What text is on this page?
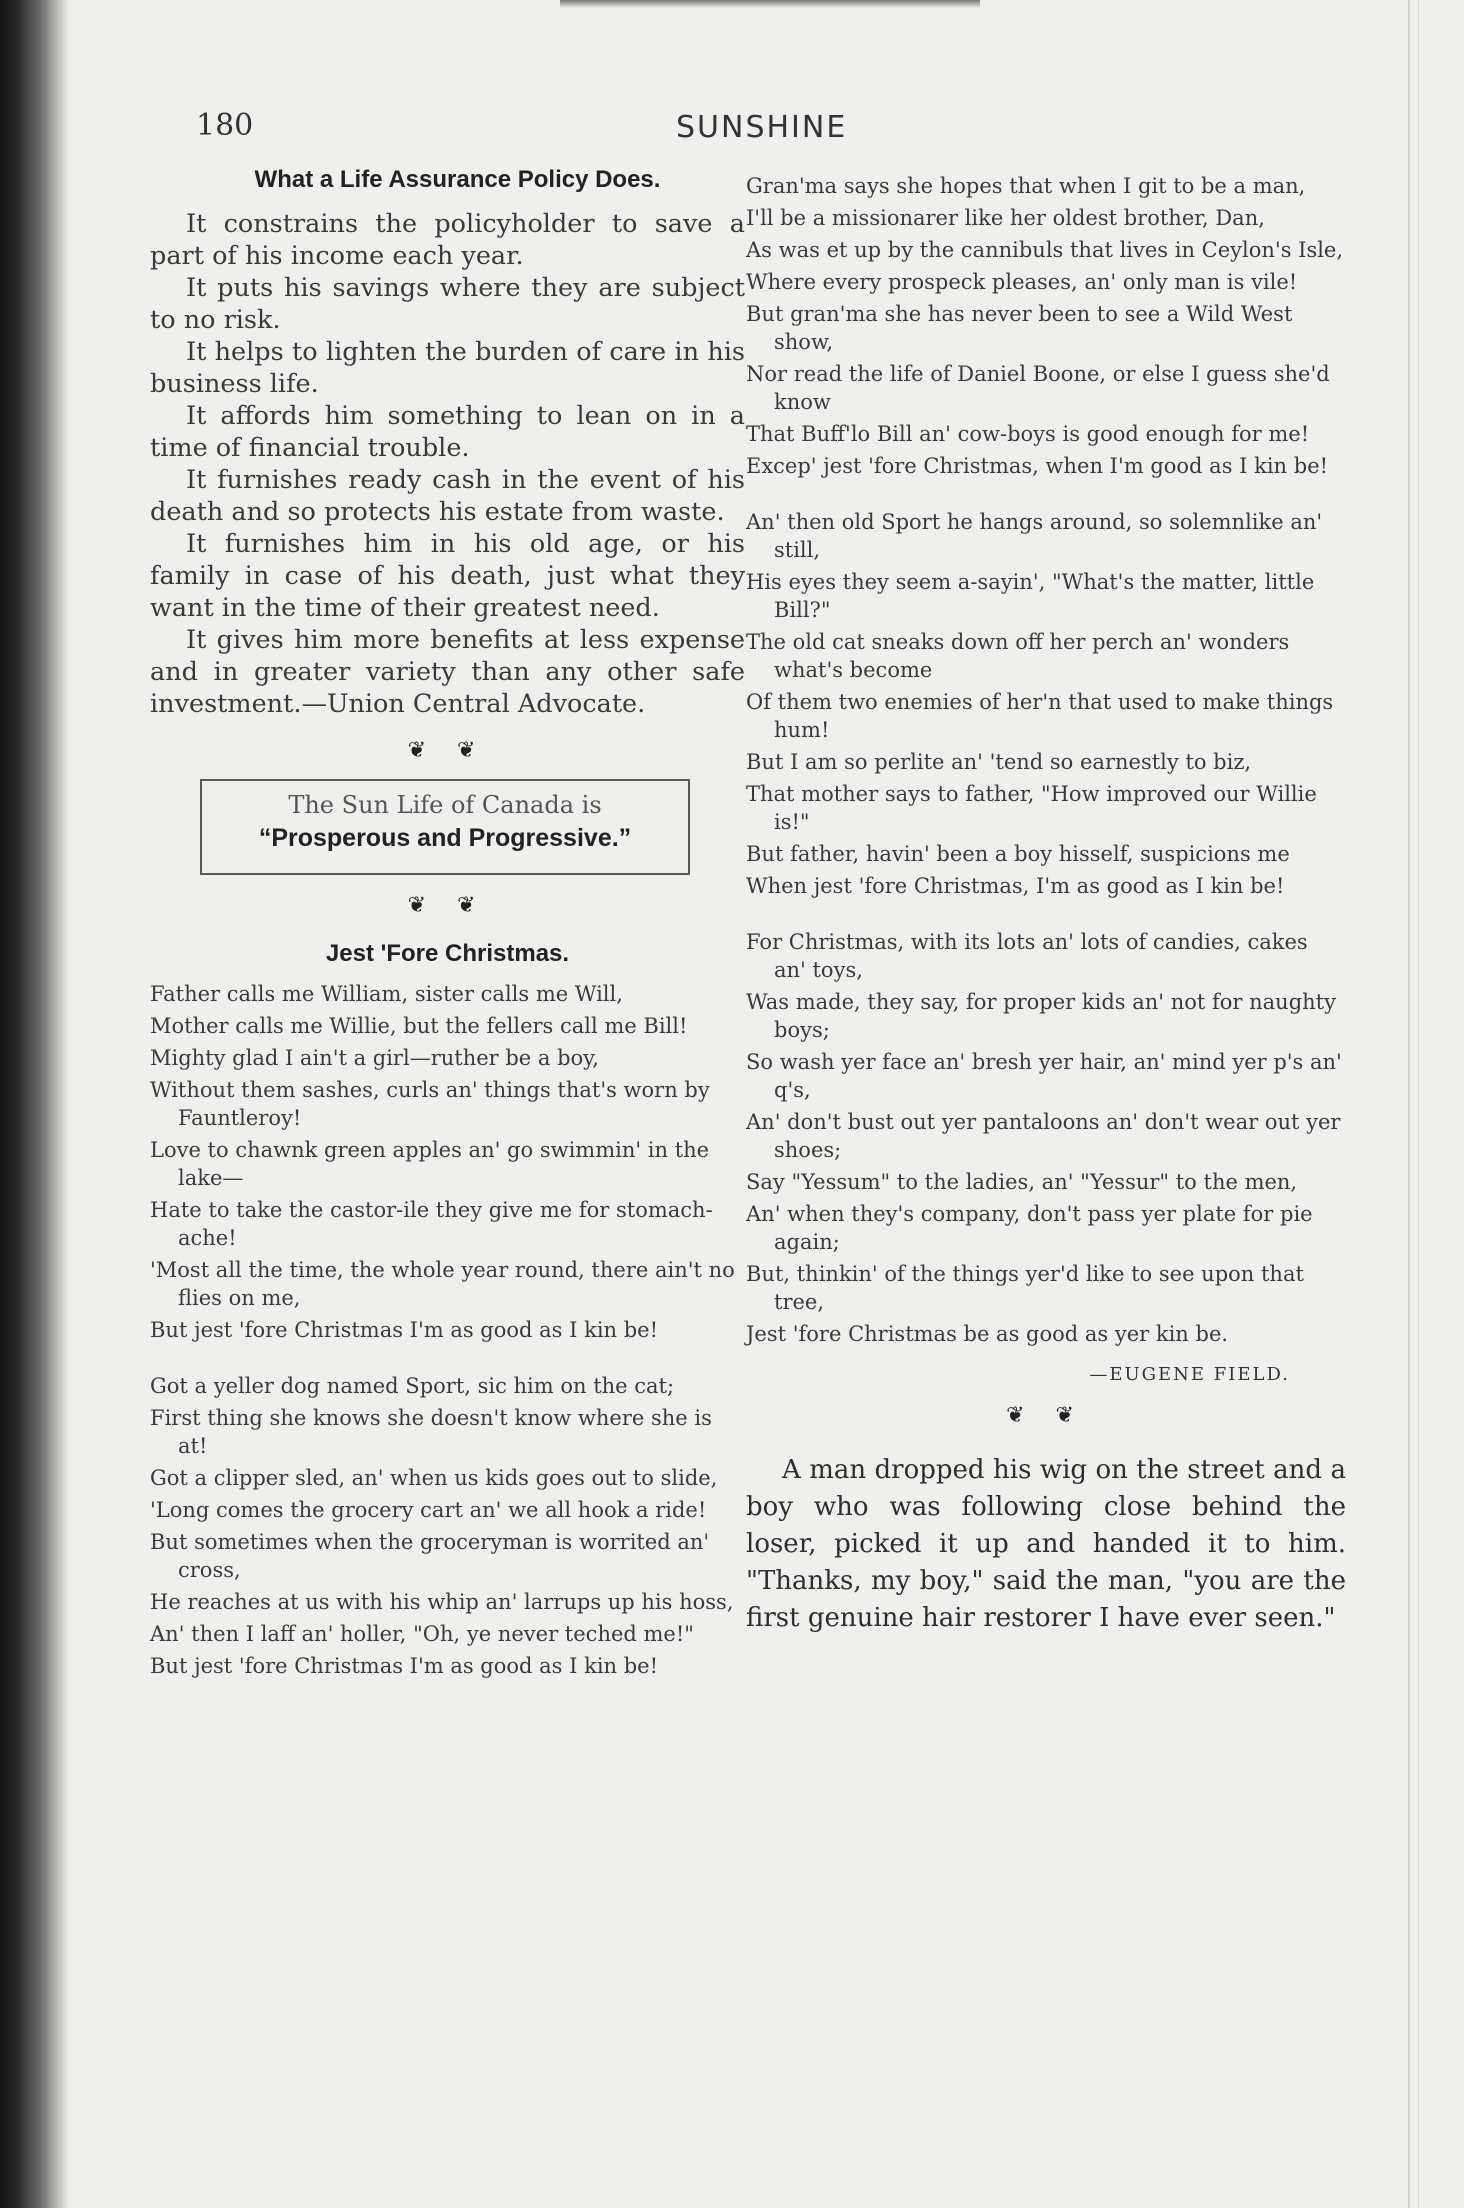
180	SUNSHINE
What a Life Assurance Policy Does.

It constrains the policyholder to save a part of his income each year.

It puts his savings where they are subject to no risk.

It helps to lighten the burden of care in his business life.

It affords him something to lean on in a time of financial trouble.

It furnishes ready cash in the event of his death and so protects his estate from waste.

It furnishes him in his old age, or his family in case of his death, just what they want in the time of their greatest need.

It gives him more benefits at less expense and in greater variety than any other safe investment.—Union Central Advocate.

❦ ❦
The Sun Life of Canada is
“Prosperous and Progressive.”
❦ ❦
Jest 'Fore Christmas.
Father calls me William, sister calls me Will,
Mother calls me Willie, but the fellers call me Bill!
Mighty glad I ain't a girl—ruther be a boy,
Without them sashes, curls an' things that's worn by Fauntleroy!
Love to chawnk green apples an' go swimmin' in the lake—
Hate to take the castor-ile they give me for stomach-ache!
'Most all the time, the whole year round, there ain't no flies on me,
But jest 'fore Christmas I'm as good as I kin be!
Got a yeller dog named Sport, sic him on the cat;
First thing she knows she doesn't know where she is at!
Got a clipper sled, an' when us kids goes out to slide,
'Long comes the grocery cart an' we all hook a ride!
But sometimes when the groceryman is worrited an' cross,
He reaches at us with his whip an' larrups up his hoss,
An' then I laff an' holler, "Oh, ye never teched me!"
But jest 'fore Christmas I'm as good as I kin be!
Gran'ma says she hopes that when I git to be a man,
I'll be a missionarer like her oldest brother, Dan,
As was et up by the cannibuls that lives in Ceylon's Isle,
Where every prospeck pleases, an' only man is vile!
But gran'ma she has never been to see a Wild West show,
Nor read the life of Daniel Boone, or else I guess she'd know
That Buff'lo Bill an' cow-boys is good enough for me!
Excep' jest 'fore Christmas, when I'm good as I kin be!
An' then old Sport he hangs around, so solemnlike an' still,
His eyes they seem a-sayin', "What's the matter, little Bill?"
The old cat sneaks down off her perch an' wonders what's become
Of them two enemies of her'n that used to make things hum!
But I am so perlite an' 'tend so earnestly to biz,
That mother says to father, "How improved our Willie is!"
But father, havin' been a boy hisself, suspicions me
When jest 'fore Christmas, I'm as good as I kin be!
For Christmas, with its lots an' lots of candies, cakes an' toys,
Was made, they say, for proper kids an' not for naughty boys;
So wash yer face an' bresh yer hair, an' mind yer p's an' q's,
An' don't bust out yer pantaloons an' don't wear out yer shoes;
Say "Yessum" to the ladies, an' "Yessur" to the men,
An' when they's company, don't pass yer plate for pie again;
But, thinkin' of the things yer'd like to see upon that tree,
Jest 'fore Christmas be as good as yer kin be.
—EUGENE FIELD.
❦ ❦

A man dropped his wig on the street and a boy who was following close behind the loser, picked it up and handed it to him. "Thanks, my boy," said the man, "you are the first genuine hair restorer I have ever seen."
